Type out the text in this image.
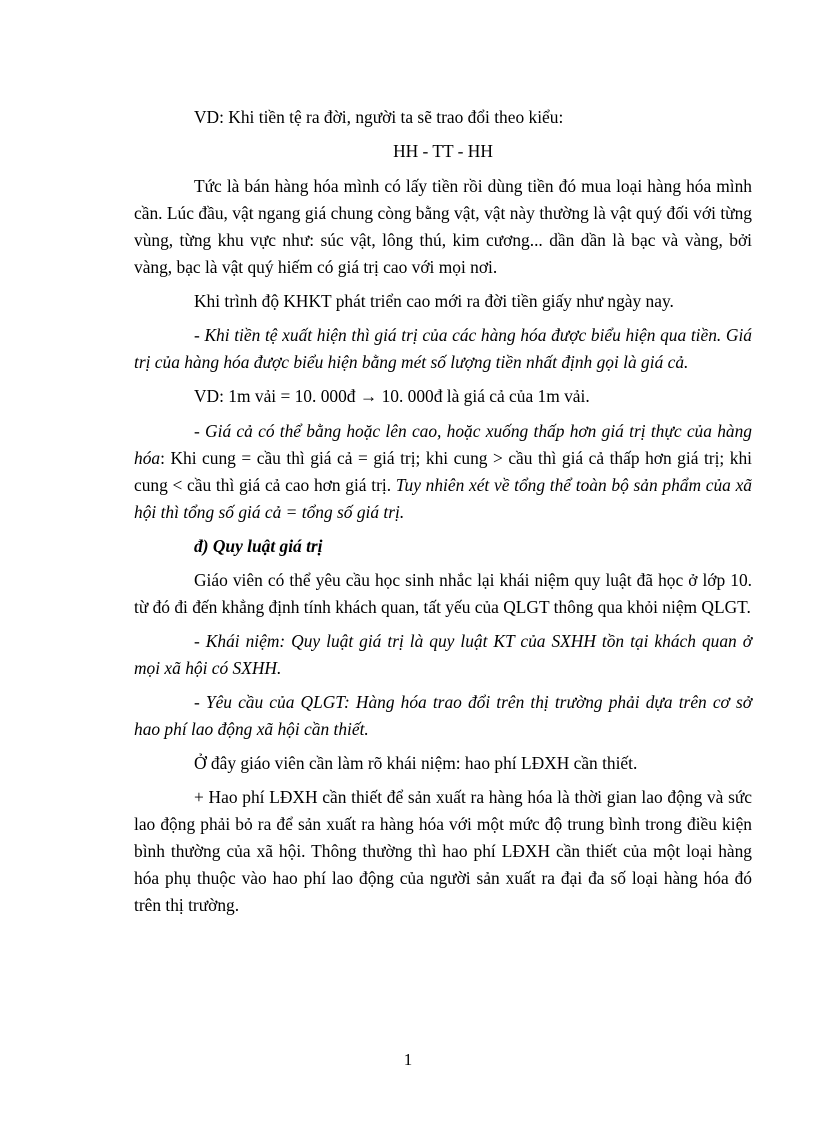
VD: Khi tiền tệ ra đời, người ta sẽ trao đổi theo kiểu:

HH - TT - HH

Tức là bán hàng hóa mình có lấy tiền rồi dùng tiền đó mua loại hàng hóa mình cần. Lúc đầu, vật ngang giá chung còng bằng vật, vật này thường là vật quý đối với từng vùng, từng khu vực như: súc vật, lông thú, kim cương... dần dần là bạc và vàng, bởi vàng, bạc là vật quý hiếm có giá trị cao với mọi nơi.

Khi trình độ KHKT phát triển cao mới ra đời tiền giấy như ngày nay.

- Khi tiền tệ xuất hiện thì giá trị của các hàng hóa được biểu hiện qua tiền. Giá trị của hàng hóa được biểu hiện bằng mét số lượng tiền nhất định gọi là giá cả.

VD: 1m vải = 10. 000đ → 10. 000đ là giá cả của 1m vải.

- Giá cả có thể bằng hoặc lên cao, hoặc xuống thấp hơn giá trị thực của hàng hóa: Khi cung = cầu thì giá cả = giá trị; khi cung > cầu thì giá cả thấp hơn giá trị; khi cung < cầu thì giá cả cao hơn giá trị. Tuy nhiên xét về tổng thể toàn bộ sản phẩm của xã hội thì tổng số giá cả = tổng số giá trị.

đ) Quy luật giá trị

Giáo viên có thể yêu cầu học sinh nhắc lại khái niệm quy luật đã học ở lớp 10. từ đó đi đến khẳng định tính khách quan, tất yếu của QLGT thông qua khỏi niệm QLGT.

- Khái niệm: Quy luật giá trị là quy luật KT của SXHH tồn tại khách quan ở mọi xã hội có SXHH.

- Yêu cầu của QLGT: Hàng hóa trao đổi trên thị trường phải dựa trên cơ sở hao phí lao động xã hội cần thiết.

Ở đây giáo viên cần làm rõ khái niệm: hao phí LĐXH cần thiết.

+ Hao phí LĐXH cần thiết để sản xuất ra hàng hóa là thời gian lao động và sức lao động phải bỏ ra để sản xuất ra hàng hóa với một mức độ trung bình trong điều kiện bình thường của xã hội. Thông thường thì hao phí LĐXH cần thiết của một loại hàng hóa phụ thuộc vào hao phí lao động của người sản xuất ra đại đa số loại hàng hóa đó trên thị trường.

1
